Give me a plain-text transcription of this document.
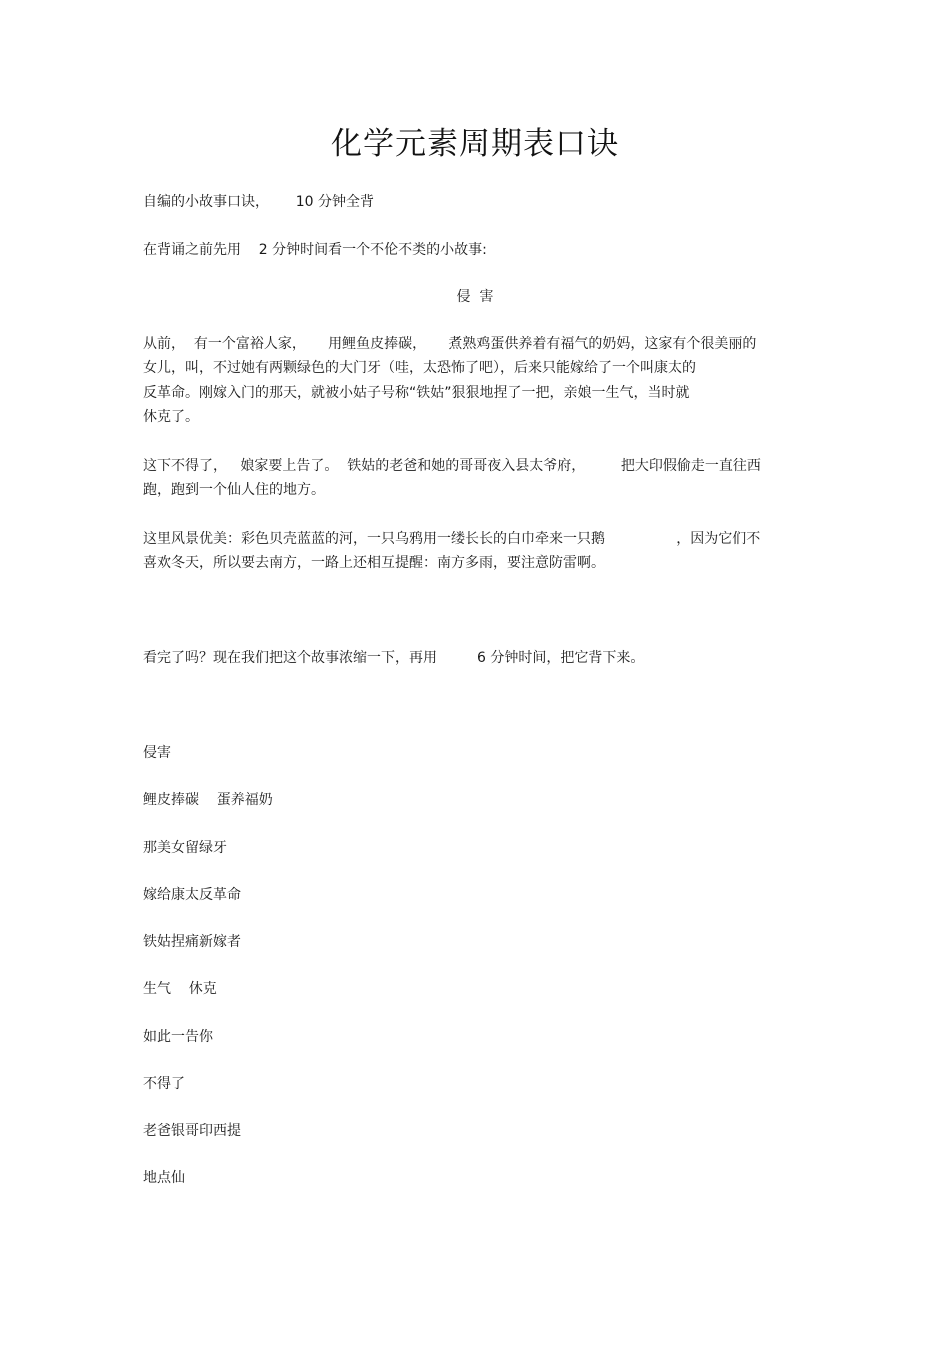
化学元素周期表口诀
自编的小故事口诀，      10 分钟全背
在背诵之前先用    2 分钟时间看一个不伦不类的小故事:
侵  害
从前，  有一个富裕人家，     用鲤鱼皮捧碳，     煮熟鸡蛋供养着有福气的奶妈，这家有个很美丽的
女儿，叫，不过她有两颗绿色的大门牙（哇，太恐怖了吧），后来只能嫁给了一个叫康太的
反革命。刚嫁入门的那天，就被小姑子号称“铁姑”狠狠地捏了一把，亲娘一生气，当时就
休克了。
这下不得了，   娘家要上告了。  铁姑的老爸和她的哥哥夜入县太爷府，        把大印假偷走一直往西
跑，跑到一个仙人住的地方。
这里风景优美：彩色贝壳蓝蓝的河，一只乌鸦用一缕长长的白巾牵来一只鹅                ，因为它们不
喜欢冬天，所以要去南方，一路上还相互提醒：南方多雨，要注意防雷啊。
看完了吗？现在我们把这个故事浓缩一下，再用         6 分钟时间，把它背下来。
侵害
鲤皮捧碳    蛋养福奶
那美女留绿牙
嫁给康太反革命
铁姑捏痛新嫁者
生气    休克
如此一告你
不得了
老爸银哥印西提
地点仙
